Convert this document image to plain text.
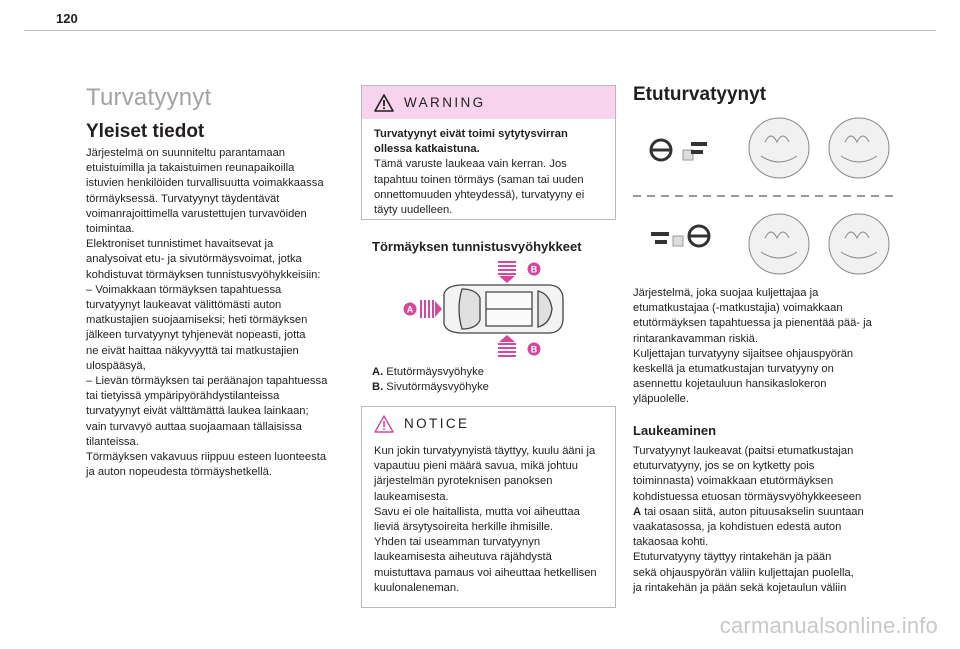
120
Turvatyynyt
Yleiset tiedot

Järjestelmä on suunniteltu parantamaan
etuistuimilla ja takaistuimen reunapaikoilla
istuvien henkilöiden turvallisuutta voimakkaassa
törmäyksessä. Turvatyynyt täydentävät
voimanrajoittimella varustettujen turvavöiden
toimintaa.
Elektroniset tunnistimet havaitsevat ja
analysoivat etu- ja sivutörmäysvoimat, jotka
kohdistuvat törmäyksen tunnistusvyöhykkeisiin:
– Voimakkaan törmäyksen tapahtuessa
turvatyynyt laukeavat välittömästi auton
matkustajien suojaamiseksi; heti törmäyksen
jälkeen turvatyynyt tyhjenevät nopeasti, jotta
ne eivät haittaa näkyvyyttä tai matkustajien
ulospääsyä,
– Lievän törmäyksen tai peräänajon tapahtuessa
tai tietyissä ympäripyörähdystilanteissa
turvatyynyt eivät välttämättä laukea lainkaan;
vain turvavyö auttaa suojaamaan tällaisissa
tilanteissa.
Törmäyksen vakavuus riippuu esteen luonteesta
ja auton nopeudesta törmäyshetkellä.

WARNING
Turvatyynyt eivät toimi sytytysvirran ollessa katkaistuna.
Tämä varuste laukeaa vain kerran. Jos tapahtuu toinen törmäys (saman tai uuden onnettomuuden yhteydessä), turvatyyny ei täyty uudelleen.
Törmäyksen tunnistusvyöhykkeet
B
B
A
A. Etutörmäysvyöhyke
B. Sivutörmäysvyöhyke
NOTICE
Kun jokin turvatyynyistä täyttyy, kuulu ääni ja vapautuu pieni määrä savua, mikä johtuu järjestelmän pyroteknisen panoksen laukeamisesta.
Savu ei ole haitallista, mutta voi aiheuttaa lieviä ärsytysoireita herkille ihmisille.
Yhden tai useamman turvatyynyn laukeamisesta aiheutuva räjähdystä muistuttava pamaus voi aiheuttaa hetkellisen kuulonaleneman.
Etuturvatyynyt

Järjestelmä, joka suojaa kuljettajaa ja
etumatkustajaa (-matkustajia) voimakkaan
etutörmäyksen tapahtuessa ja pienentää pää- ja
rintarankavamman riskiä.
Kuljettajan turvatyyny sijaitsee ohjauspyörän
keskellä ja etumatkustajan turvatyyny on
asennettu kojetauluun hansikaslokeron
yläpuolelle.

Laukeaminen
Turvatyynyt laukeavat (paitsi etumatkustajan
etuturvatyyny, jos se on kytketty pois
toiminnasta) voimakkaan etutörmäyksen
kohdistuessa etuosan törmäysvyöhykkeeseen
A tai osaan siitä, auton pituusakselin suuntaan
vaakatasossa, ja kohdistuen edestä auton
takaosaa kohti.
Etuturvatyyny täyttyy rintakehän ja pään
sekä ohjauspyörän väliin kuljettajan puolella,
ja rintakehän ja pään sekä kojetaulun väliin
carmanualsonline.info
